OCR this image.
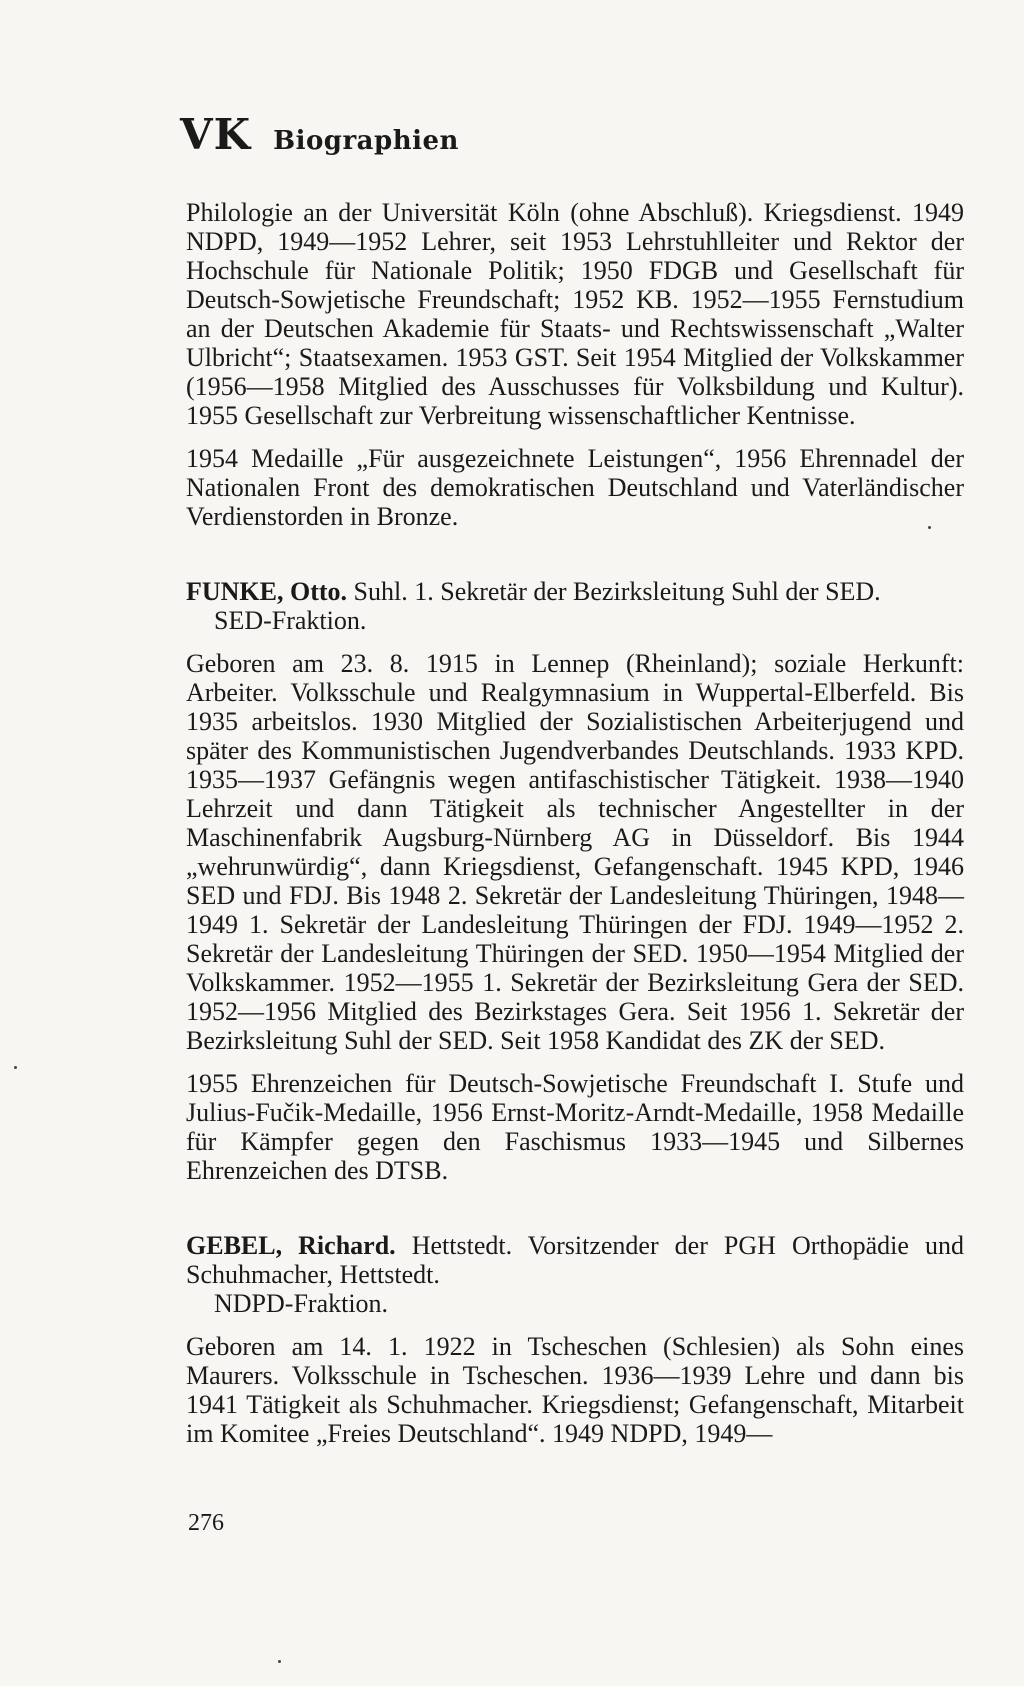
VK Biographien

Philologie an der Universität Köln (ohne Abschluß). Kriegsdienst. 1949 NDPD, 1949—1952 Lehrer, seit 1953 Lehrstuhlleiter und Rektor der Hochschule für Nationale Politik; 1950 FDGB und Gesellschaft für Deutsch-Sowjetische Freundschaft; 1952 KB. 1952—1955 Fernstudium an der Deutschen Akademie für Staats- und Rechtswissenschaft „Walter Ulbricht“; Staatsexamen. 1953 GST. Seit 1954 Mitglied der Volkskammer (1956—1958 Mitglied des Ausschusses für Volksbildung und Kultur). 1955 Gesellschaft zur Verbreitung wissenschaftlicher Kentnisse.

1954 Medaille „Für ausgezeichnete Leistungen“, 1956 Ehrennadel der Nationalen Front des demokratischen Deutschland und Vaterländischer Verdienstorden in Bronze.

FUNKE, Otto. Suhl. 1. Sekretär der Bezirksleitung Suhl der SED.
SED-Fraktion.

Geboren am 23. 8. 1915 in Lennep (Rheinland); soziale Herkunft: Arbeiter. Volksschule und Realgymnasium in Wuppertal-Elberfeld. Bis 1935 arbeitslos. 1930 Mitglied der Sozialistischen Arbeiterjugend und später des Kommunistischen Jugendverbandes Deutschlands. 1933 KPD. 1935—1937 Gefängnis wegen antifaschistischer Tätigkeit. 1938—1940 Lehrzeit und dann Tätigkeit als technischer Angestellter in der Maschinenfabrik Augsburg-Nürnberg AG in Düsseldorf. Bis 1944 „wehrunwürdig“, dann Kriegsdienst, Gefangenschaft. 1945 KPD, 1946 SED und FDJ. Bis 1948 2. Sekretär der Landesleitung Thüringen, 1948—1949 1. Sekretär der Landesleitung Thüringen der FDJ. 1949—1952 2. Sekretär der Landesleitung Thüringen der SED. 1950—1954 Mitglied der Volkskammer. 1952—1955 1. Sekretär der Bezirksleitung Gera der SED. 1952—1956 Mitglied des Bezirkstages Gera. Seit 1956 1. Sekretär der Bezirksleitung Suhl der SED. Seit 1958 Kandidat des ZK der SED.

1955 Ehrenzeichen für Deutsch-Sowjetische Freundschaft I. Stufe und Julius-Fučik-Medaille, 1956 Ernst-Moritz-Arndt-Medaille, 1958 Medaille für Kämpfer gegen den Faschismus 1933—1945 und Silbernes Ehrenzeichen des DTSB.

GEBEL, Richard. Hettstedt. Vorsitzender der PGH Orthopädie und Schuhmacher, Hettstedt.
NDPD-Fraktion.

Geboren am 14. 1. 1922 in Tscheschen (Schlesien) als Sohn eines Maurers. Volksschule in Tscheschen. 1936—1939 Lehre und dann bis 1941 Tätigkeit als Schuhmacher. Kriegsdienst; Gefangenschaft, Mitarbeit im Komitee „Freies Deutschland“. 1949 NDPD, 1949—

276
